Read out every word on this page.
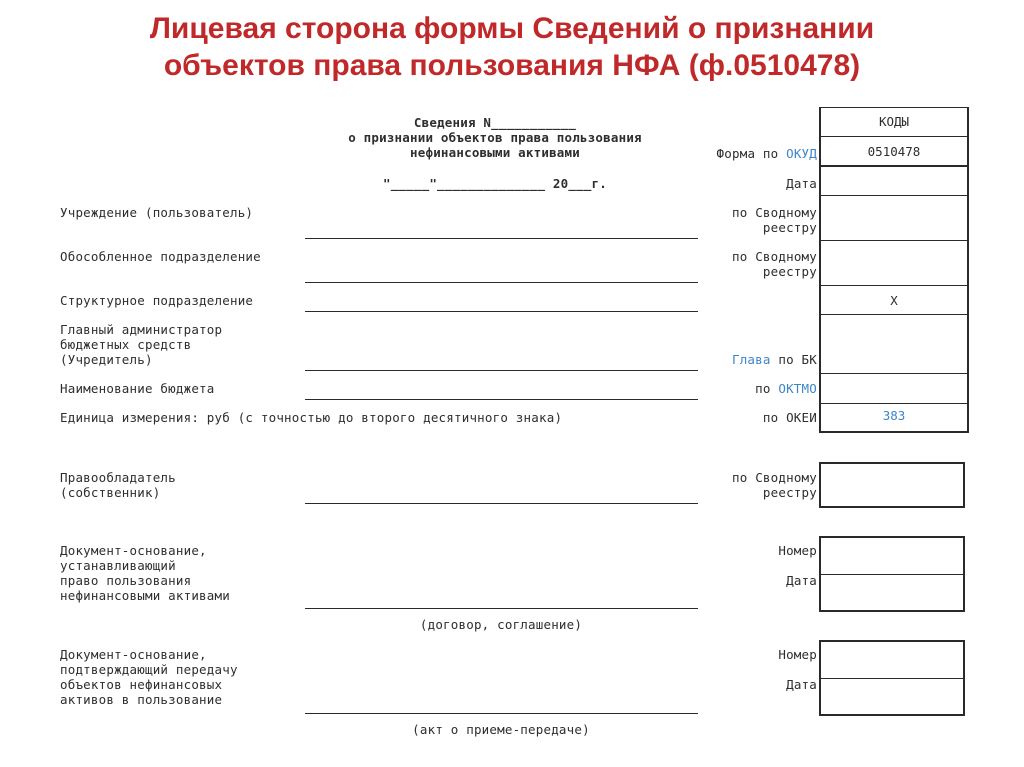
Лицевая сторона формы Сведений о признании
объектов права пользования НФА (ф.0510478)
Сведения N___________
о признании объектов права пользования
нефинансовыми активами
"_____"______________ 20___г.
Учреждение (пользователь)
Обособленное подразделение
Структурное подразделение
Главный администратор
бюджетных средств
(Учредитель)
Наименование бюджета
Единица измерения: руб (с точностью до второго десятичного знака)
Правообладатель
(собственник)
Документ-основание,
устанавливающий
право пользования
нефинансовыми активами
(договор, соглашение)
Документ-основание,
подтверждающий передачу
объектов нефинансовых
активов в пользование
(акт о приеме-передаче)
Форма по ОКУД
Дата
по Сводному
реестру
по Сводному
реестру
Глава по БК
по ОКТМО
по ОКЕИ
по Сводному
реестру
Номер
Дата
Номер
Дата
КОДЫ
0510478
X
383
